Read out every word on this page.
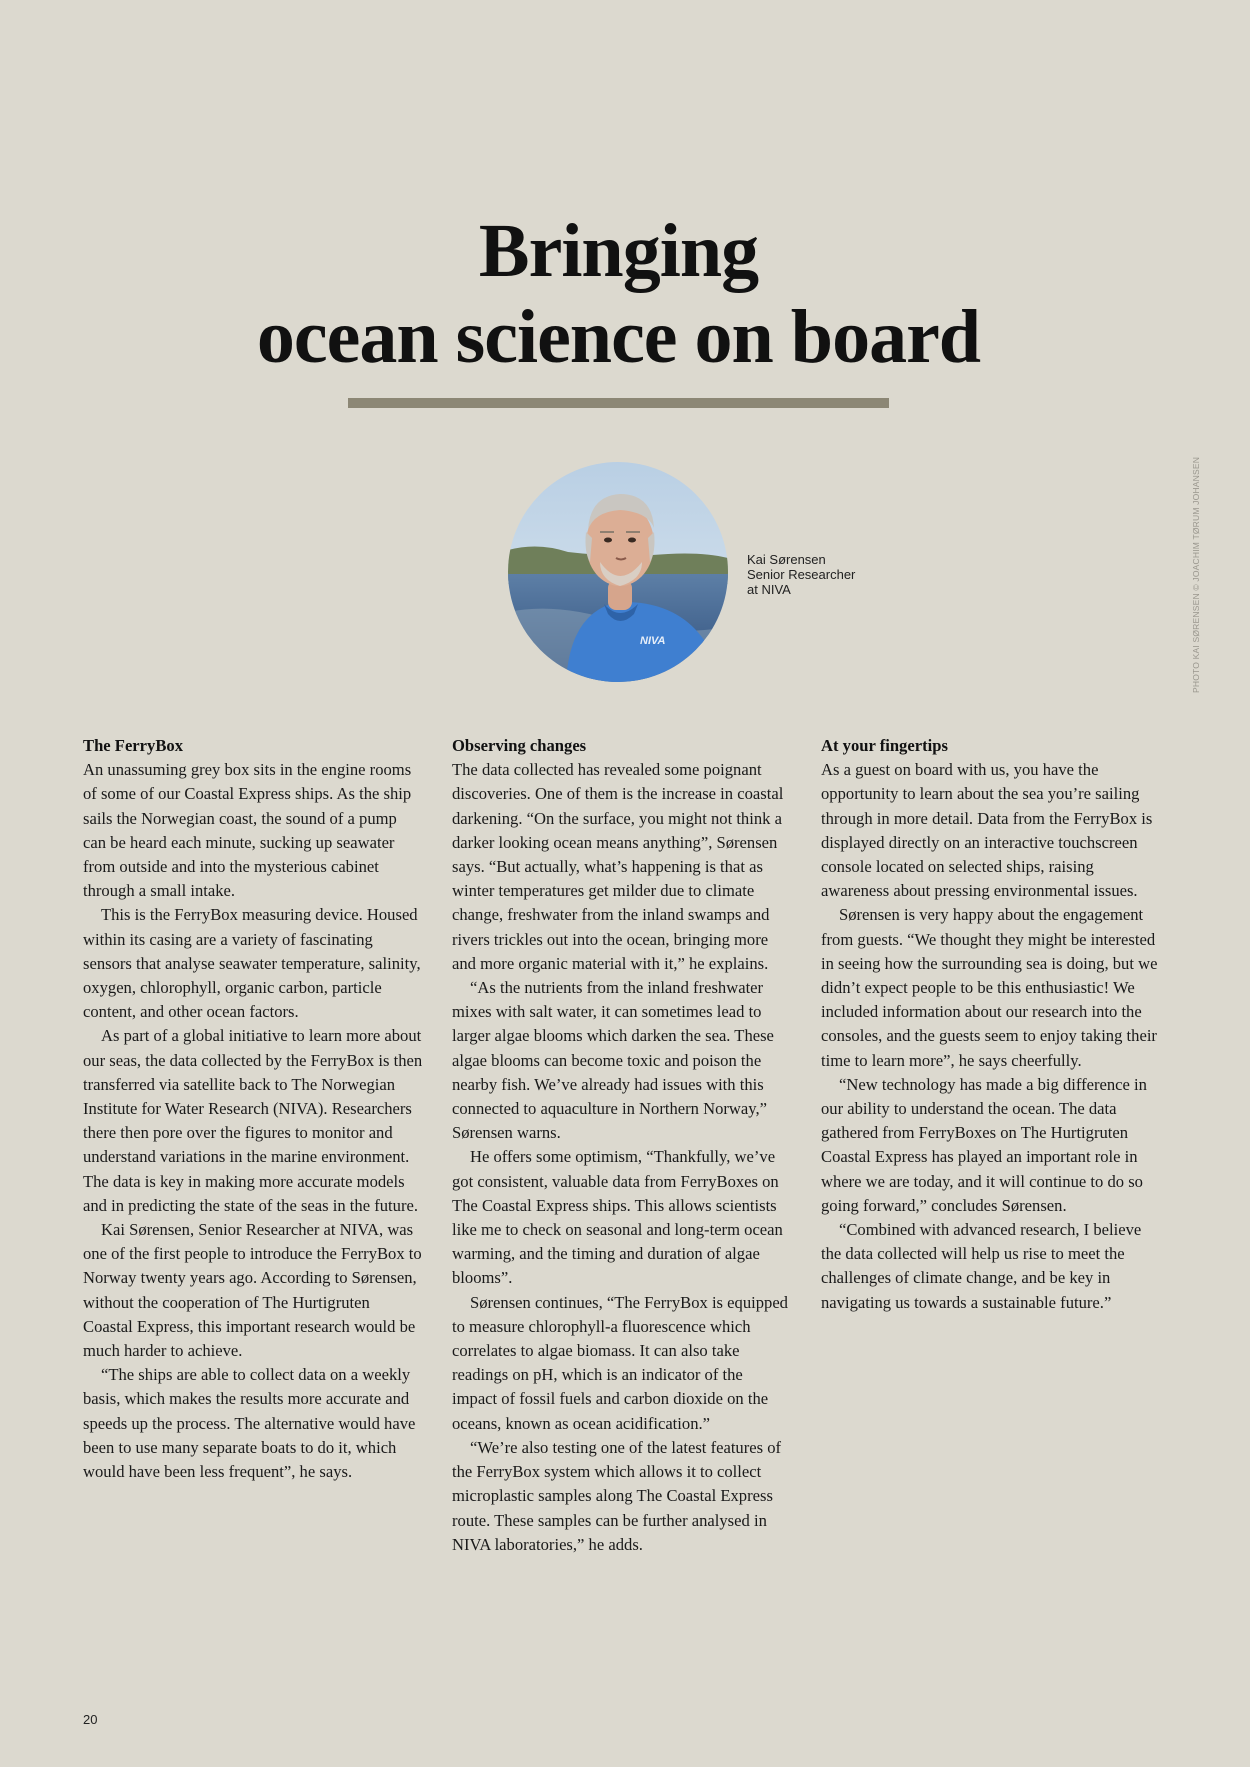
Bringing
ocean science on board
NIVA
Kai Sørensen
Senior Researcher
at NIVA	PHOTO KAI SØRENSEN © JOACHIM TØRUM JOHANSEN
The FerryBox

An unassuming grey box sits in the engine rooms of some of our Coastal Express ships. As the ship sails the Norwegian coast, the sound of a pump can be heard each minute, sucking up seawater from outside and into the mysterious cabinet through a small intake.

This is the FerryBox measuring device. Housed within its casing are a variety of fascinating sensors that analyse seawater temperature, salinity, oxygen, chlorophyll, organic carbon, particle content, and other ocean factors.

As part of a global initiative to learn more about our seas, the data collected by the FerryBox is then transferred via satellite back to The Norwegian Institute for Water Research (NIVA). Researchers there then pore over the figures to monitor and understand variations in the marine environment. The data is key in making more accurate models and in predicting the state of the seas in the future.

Kai Sørensen, Senior Researcher at NIVA, was one of the first people to introduce the FerryBox to Norway twenty years ago. According to Sørensen, without the cooperation of The Hurtigruten Coastal Express, this important research would be much harder to achieve.

“The ships are able to collect data on a weekly basis, which makes the results more accurate and speeds up the process. The alternative would have been to use many separate boats to do it, which would have been less frequent”, he says.

Observing changes

The data collected has revealed some poignant discoveries. One of them is the increase in coastal darkening. “On the surface, you might not think a darker looking ocean means anything”, Sørensen says. “But actually, what’s happening is that as winter temperatures get milder due to climate change, freshwater from the inland swamps and rivers trickles out into the ocean, bringing more and more organic material with it,” he explains.

“As the nutrients from the inland freshwater mixes with salt water, it can sometimes lead to larger algae blooms which darken the sea. These algae blooms can become toxic and poison the nearby fish. We’ve already had issues with this connected to aquaculture in Northern Norway,” Sørensen warns.

He offers some optimism, “Thankfully, we’ve got consistent, valuable data from FerryBoxes on The Coastal Express ships. This allows scientists like me to check on seasonal and long-term ocean warming, and the timing and duration of algae blooms”.

Sørensen continues, “The FerryBox is equipped to measure chlorophyll-a fluorescence which correlates to algae biomass. It can also take readings on pH, which is an indicator of the impact of fossil fuels and carbon dioxide on the oceans, known as ocean acidification.”

“We’re also testing one of the latest features of the FerryBox system which allows it to collect microplastic samples along The Coastal Express route. These samples can be further analysed in NIVA laboratories,” he adds.

At your fingertips

As a guest on board with us, you have the opportunity to learn about the sea you’re sailing through in more detail. Data from the FerryBox is displayed directly on an interactive touchscreen console located on selected ships, raising awareness about pressing environmental issues.

Sørensen is very happy about the engagement from guests. “We thought they might be interested in seeing how the surrounding sea is doing, but we didn’t expect people to be this enthusiastic! We included information about our research into the consoles, and the guests seem to enjoy taking their time to learn more”, he says cheerfully.

“New technology has made a big difference in our ability to understand the ocean. The data gathered from FerryBoxes on The Hurtigruten Coastal Express has played an important role in where we are today, and it will continue to do so going forward,” concludes Sørensen.

“Combined with advanced research, I believe the data collected will help us rise to meet the challenges of climate change, and be key in navigating us towards a sustainable future.”

20
